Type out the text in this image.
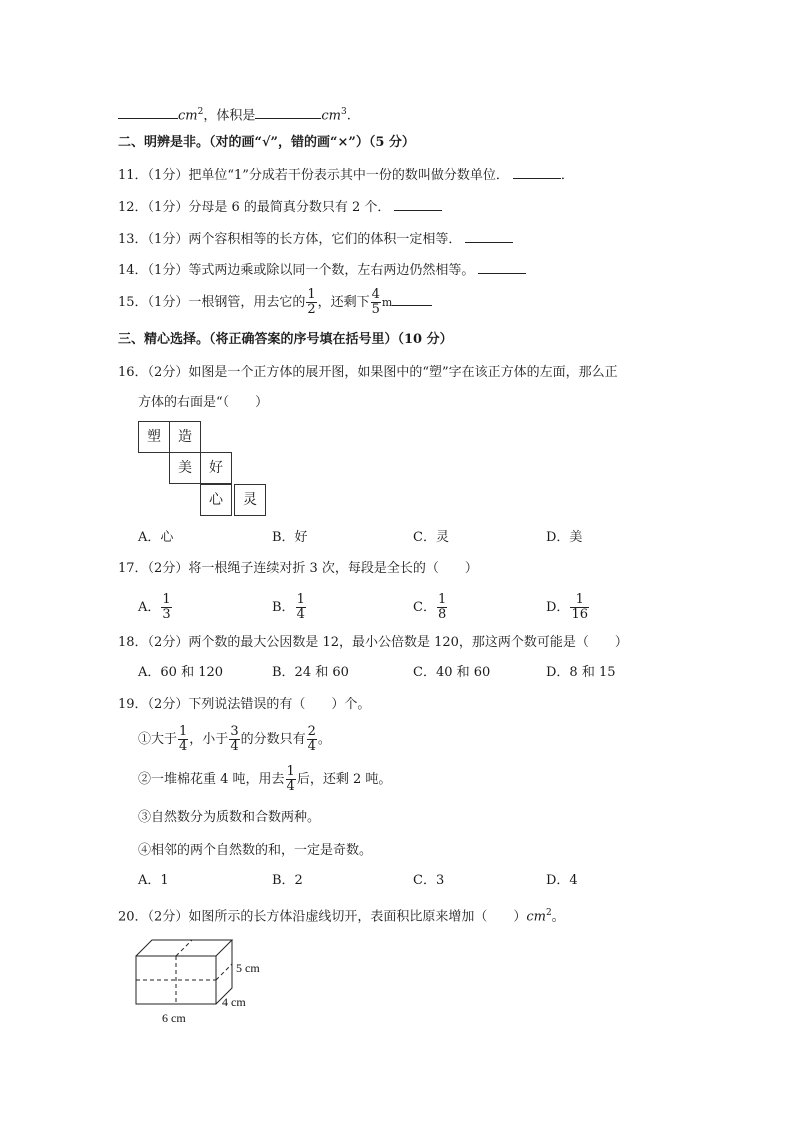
$cm^2$，体积是	$cm^3$.
二、明辨是非。（对的画“√”，错的画“×”）（5 分）
11．（1分）把单位“1”分成若干份表示其中一份的数叫做分数单位．	．
12．（1分）分母是 6 的最简真分数只有 2 个．
13．（1分）两个容积相等的长方体，它们的体积一定相等．
14．（1分）等式两边乘或除以同一个数，左右两边仍然相等。
15．（1分）一根钢管，用去它的 $\frac{1}{2}$ ，还剩下 $\frac{4}{5}$ m
三、精心选择。（将正确答案的序号填在括号里）（10 分）
16．（2分）如图是一个正方体的展开图，如果图中的“塑”字在该正方体的左面，那么正
方体的右面是“（　　）
塑	造
美	好
心	灵
A．心	B．好	C．灵	D．美
17．（2分）将一根绳子连续对折 3 次，每段是全长的（　　）
A． $\frac{1}{3}$	B． $\frac{1}{4}$	C． $\frac{1}{8}$	D． $\frac{1}{16}$
18．（2分）两个数的最大公因数是 12，最小公倍数是 120，那这两个数可能是（　　）
A．60 和 120	B．24 和 60	C．40 和 60	D．8 和 15
19．（2分）下列说法错误的有（　　）个。
①大于 $\frac{1}{4}$ ，小于 $\frac{3}{4}$ 的分数只有 $\frac{2}{4}$ 。
②一堆棉花重 4 吨，用去 $\frac{1}{4}$ 后，还剩 2 吨。
③自然数分为质数和合数两种。
④相邻的两个自然数的和，一定是奇数。
A．1	B．2	C．3	D．4
20．（2分）如图所示的长方体沿虚线切开，表面积比原来增加（　　）$cm^2$。
5 cm
4 cm
6 cm
